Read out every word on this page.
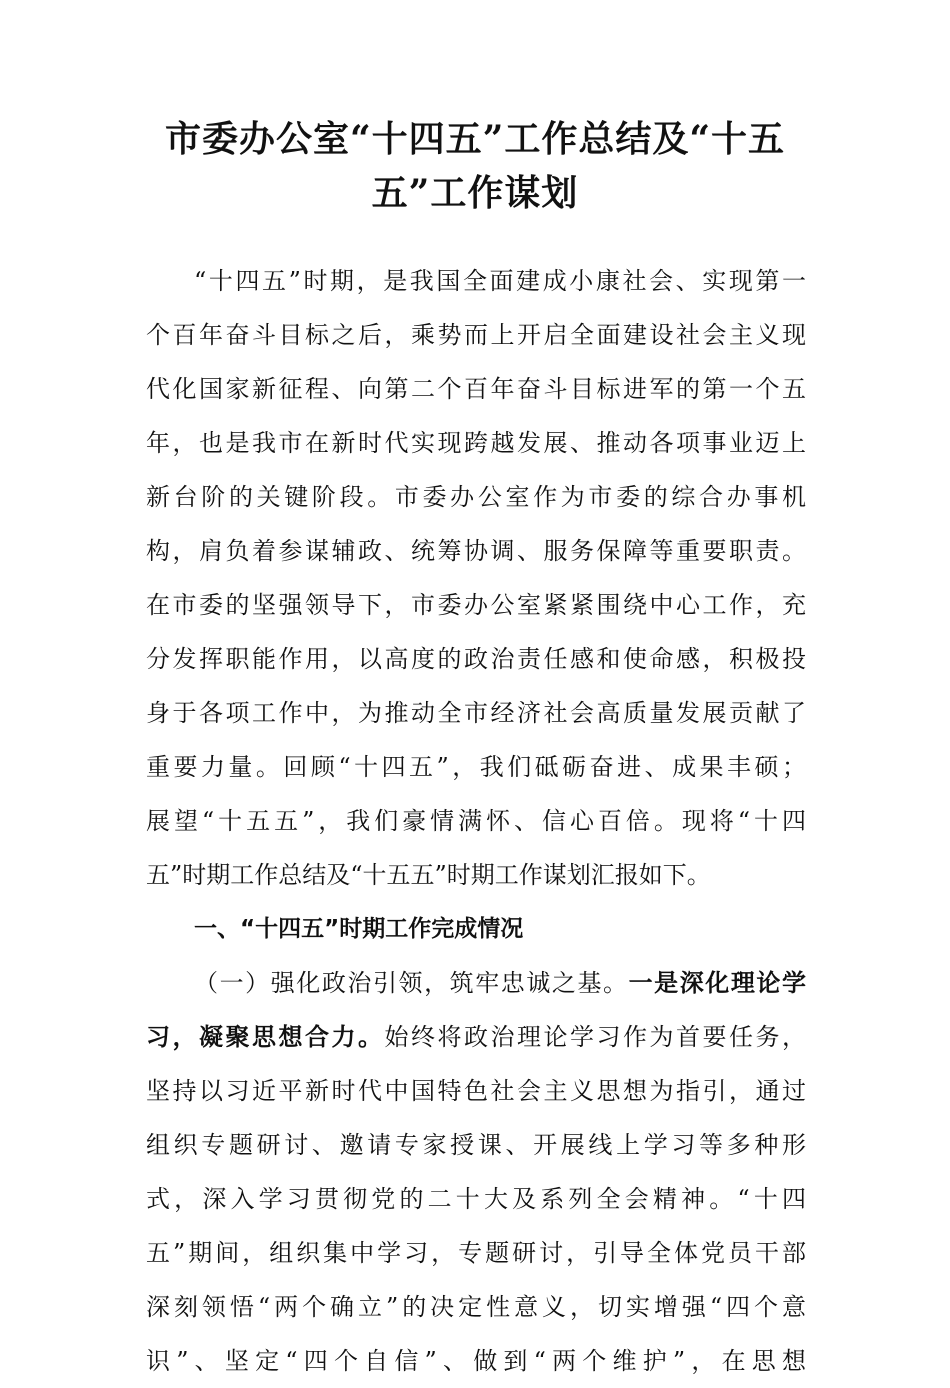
市委办公室“十四五”工作总结及“十五
五”工作谋划
“十四五”时期，是我国全面建成小康社会、实现第一
个百年奋斗目标之后，乘势而上开启全面建设社会主义现
代化国家新征程、向第二个百年奋斗目标进军的第一个五
年，也是我市在新时代实现跨越发展、推动各项事业迈上
新台阶的关键阶段。市委办公室作为市委的综合办事机
构，肩负着参谋辅政、统筹协调、服务保障等重要职责。
在市委的坚强领导下，市委办公室紧紧围绕中心工作，充
分发挥职能作用，以高度的政治责任感和使命感，积极投
身于各项工作中，为推动全市经济社会高质量发展贡献了
重要力量。回顾“十四五”，我们砥砺奋进、成果丰硕；
展望“十五五”，我们豪情满怀、信心百倍。现将“十四
五”时期工作总结及“十五五”时期工作谋划汇报如下。
一、“十四五”时期工作完成情况
（一）强化政治引领，筑牢忠诚之基。一是深化理论学
习，凝聚思想合力。始终将政治理论学习作为首要任务，
坚持以习近平新时代中国特色社会主义思想为指引，通过
组织专题研讨、邀请专家授课、开展线上学习等多种形
式，深入学习贯彻党的二十大及系列全会精神。“十四
五”期间，组织集中学习，专题研讨，引导全体党员干部
深刻领悟“两个确立”的决定性意义，切实增强“四个意
识”、坚定“四个自信”、做到“两个维护”，在思想
